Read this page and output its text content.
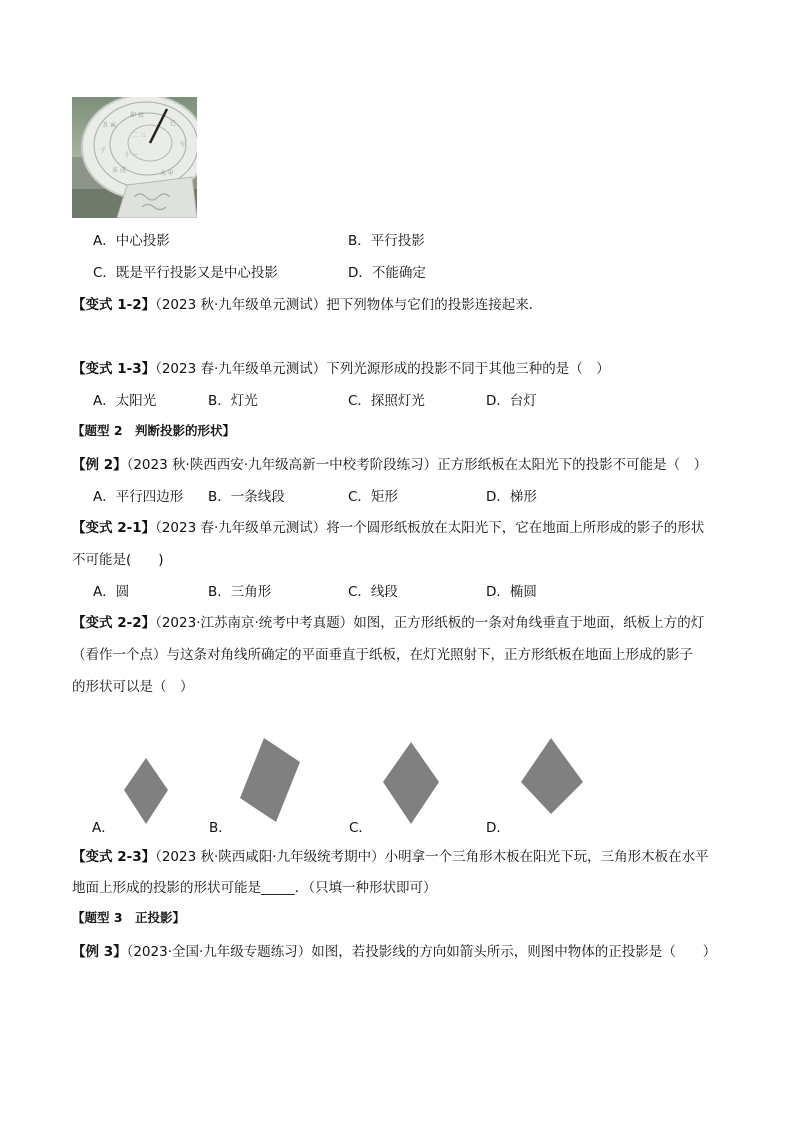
丑 寅
卯 辰
巳
午
子
亥 戌	未 申
二 三
十 一
A．中心投影	B．平行投影
C．既是平行投影又是中心投影	D．不能确定
【变式 1-2】（2023 秋·九年级单元测试）把下列物体与它们的投影连接起来．
【变式 1-3】（2023 春·九年级单元测试）下列光源形成的投影不同于其他三种的是（　）
A．太阳光	B．灯光	C．探照灯光	D．台灯
【题型 2　判断投影的形状】
【例 2】（2023 秋·陕西西安·九年级高新一中校考阶段练习）正方形纸板在太阳光下的投影不可能是（　）
A．平行四边形 B．一条线段	C．矩形	D．梯形
【变式 2-1】（2023 春·九年级单元测试）将一个圆形纸板放在太阳光下，它在地面上所形成的影子的形状
不可能是(　　)
A．圆	B．三角形	C．线段	D．椭圆
【变式 2-2】（2023·江苏南京·统考中考真题）如图，正方形纸板的一条对角线垂直于地面，纸板上方的灯
（看作一个点）与这条对角线所确定的平面垂直于纸板，在灯光照射下，正方形纸板在地面上形成的影子
的形状可以是（　）
A．	B．	C．	D．
【变式 2-3】（2023 秋·陕西咸阳·九年级统考期中）小明拿一个三角形木板在阳光下玩，三角形木板在水平
地面上形成的投影的形状可能是_____．（只填一种形状即可）
【题型 3　正投影】
【例 3】（2023·全国·九年级专题练习）如图，若投影线的方向如箭头所示，则图中物体的正投影是（　　）
